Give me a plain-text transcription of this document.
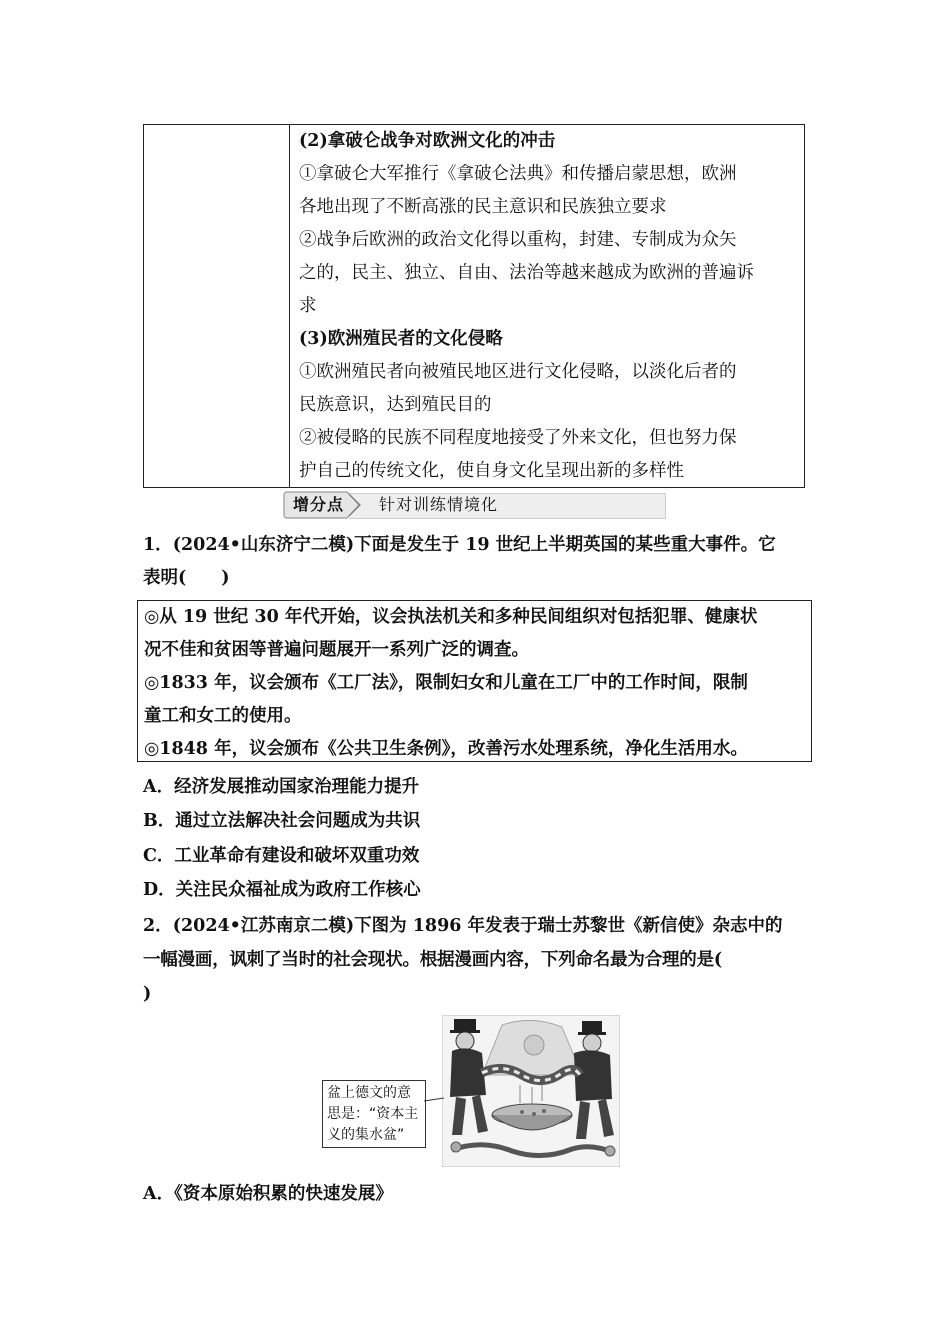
(2)拿破仑战争对欧洲文化的冲击

①拿破仑大军推行《拿破仑法典》和传播启蒙思想，欧洲

各地出现了不断高涨的民主意识和民族独立要求

②战争后欧洲的政治文化得以重构，封建、专制成为众矢

之的，民主、独立、自由、法治等越来越成为欧洲的普遍诉

求

(3)欧洲殖民者的文化侵略

①欧洲殖民者向被殖民地区进行文化侵略，以淡化后者的

民族意识，达到殖民目的

②被侵略的民族不同程度地接受了外来文化，但也努力保

护自己的传统文化，使自身文化呈现出新的多样性

增分点 针对训练情境化

1．(2024•山东济宁二模)下面是发生于 19 世纪上半期英国的某些重大事件。它

表明(　　)

◎从 19 世纪 30 年代开始，议会执法机关和多种民间组织对包括犯罪、健康状

况不佳和贫困等普遍问题展开一系列广泛的调查。

◎1833 年，议会颁布《工厂法》，限制妇女和儿童在工厂中的工作时间，限制

童工和女工的使用。

◎1848 年，议会颁布《公共卫生条例》，改善污水处理系统，净化生活用水。

A．经济发展推动国家治理能力提升

B．通过立法解决社会问题成为共识

C．工业革命有建设和破坏双重功效

D．关注民众福祉成为政府工作核心

2．(2024•江苏南京二模)下图为 1896 年发表于瑞士苏黎世《新信使》杂志中的

一幅漫画，讽刺了当时的社会现状。根据漫画内容，下列命名最为合理的是(

)

盆上德文的意
思是：“资本主
义的集水盆”

A．《资本原始积累的快速发展》
